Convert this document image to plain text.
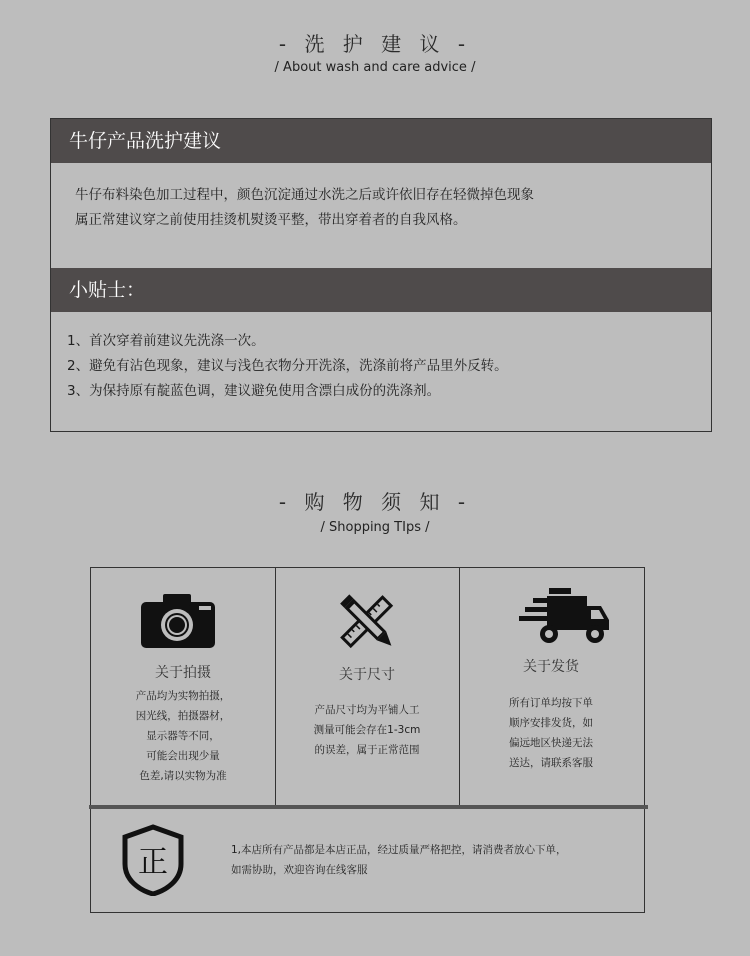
- 洗 护 建 议 -
/ About wash and care advice /
牛仔产品洗护建议
牛仔布料染色加工过程中，颜色沉淀通过水洗之后或许依旧存在轻微掉色现象
属正常建议穿之前使用挂烫机熨烫平整，带出穿着者的自我风格。
小贴士：
1、首次穿着前建议先洗涤一次。
2、避免有沾色现象，建议与浅色衣物分开洗涤，洗涤前将产品里外反转。
3、为保持原有靛蓝色调，建议避免使用含漂白成份的洗涤剂。
- 购 物 须 知 -
/ Shopping TIps /
关于拍摄
产品均为实物拍摄，
因光线，拍摄器材，
显示器等不同，
可能会出现少量
色差,请以实物为准
关于尺寸
产品尺寸均为平铺人工
测量可能会存在1-3cm
的误差，属于正常范围
关于发货
所有订单均按下单
顺序安排发货，如
偏远地区快递无法
送达，请联系客服
正	1,本店所有产品都是本店正品，经过质量严格把控，请消费者放心下单，
如需协助，欢迎咨询在线客服
